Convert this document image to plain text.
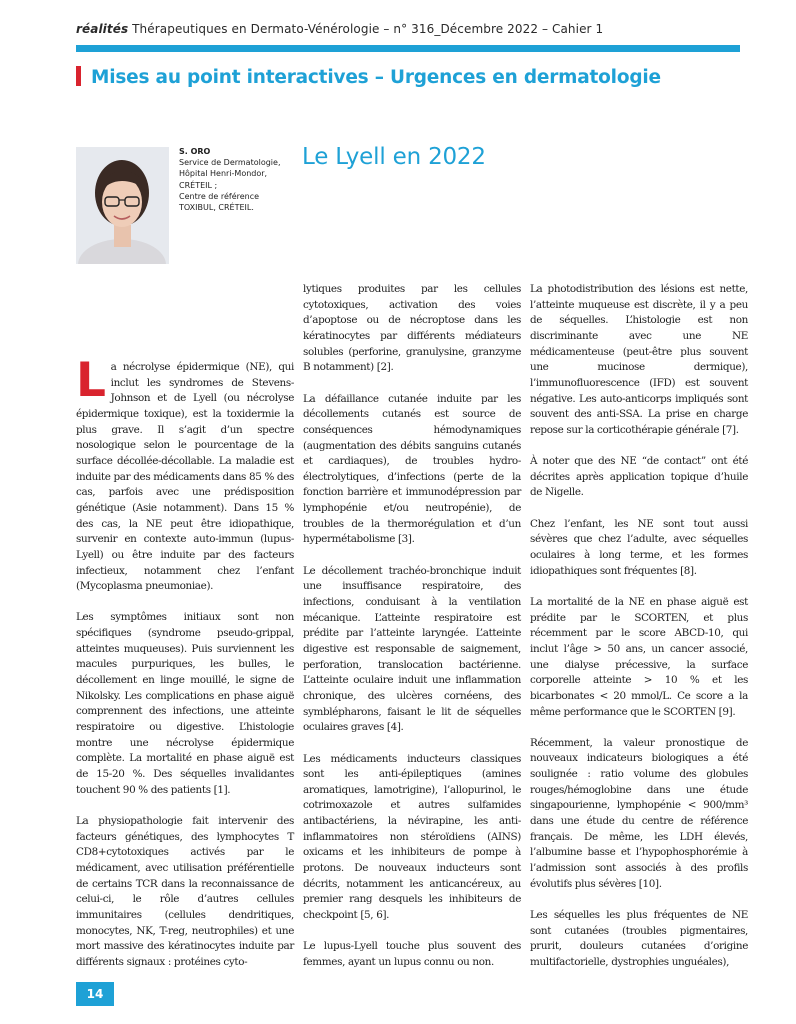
réalités Thérapeutiques en Dermato-Vénérologie – n° 316_Décembre 2022 – Cahier 1
Mises au point interactives – Urgences en dermatologie
S. ORO
Service de Dermatologie,
Hôpital Henri-Mondor,
CRÉTEIL ;
Centre de référence
TOXIBUL, CRÉTEIL.
Le Lyell en 2022

La nécrolyse épidermique (NE), qui inclut les syndromes de Stevens-Johnson et de Lyell (ou nécrolyse épidermique toxique), est la toxidermie la plus grave. Il s’agit d’un spectre nosologique selon le pourcentage de la surface décollée-décollable. La maladie est induite par des médicaments dans 85 % des cas, parfois avec une prédisposition génétique (Asie notamment). Dans 15 % des cas, la NE peut être idiopathique, survenir en contexte auto-immun (lupus-Lyell) ou être induite par des facteurs infectieux, notamment chez l’enfant (Mycoplasma pneumoniae).

Les symptômes initiaux sont non spécifiques (syndrome pseudo-grippal, atteintes muqueuses). Puis surviennent les macules purpuriques, les bulles, le décollement en linge mouillé, le signe de Nikolsky. Les complications en phase aiguë comprennent des infections, une atteinte respiratoire ou digestive. L’histologie montre une nécrolyse épidermique complète. La mortalité en phase aiguë est de 15-20 %. Des séquelles invalidantes touchent 90 % des patients [1].

La physiopathologie fait intervenir des facteurs génétiques, des lymphocytes T CD8+cytotoxiques activés par le médicament, avec utilisation préférentielle de certains TCR dans la reconnaissance de celui-ci, le rôle d’autres cellules immunitaires (cellules dendritiques, monocytes, NK, T-reg, neutrophiles) et une mort massive des kératinocytes induite par différents signaux : protéines cyto-

lytiques produites par les cellules cytotoxiques, activation des voies d’apoptose ou de nécroptose dans les kératinocytes par différents médiateurs solubles (perforine, granulysine, granzyme B notamment) [2].

La défaillance cutanée induite par les décollements cutanés est source de conséquences hémodynamiques (augmentation des débits sanguins cutanés et cardiaques), de troubles hydro-électrolytiques, d’infections (perte de la fonction barrière et immunodépression par lymphopénie et/ou neutropénie), de troubles de la thermorégulation et d’un hypermétabolisme [3].

Le décollement trachéo-bronchique induit une insuffisance respiratoire, des infections, conduisant à la ventilation mécanique. L’atteinte respiratoire est prédite par l’atteinte laryngée. L’atteinte digestive est responsable de saignement, perforation, translocation bactérienne. L’atteinte oculaire induit une inflammation chronique, des ulcères cornéens, des symblépharons, faisant le lit de séquelles oculaires graves [4].

Les médicaments inducteurs classiques sont les anti-épileptiques (amines aromatiques, lamotrigine), l’allopurinol, le cotrimoxazole et autres sulfamides antibactériens, la névirapine, les anti-inflammatoires non stéroïdiens (AINS) oxicams et les inhibiteurs de pompe à protons. De nouveaux inducteurs sont décrits, notamment les anticancéreux, au premier rang desquels les inhibiteurs de checkpoint [5, 6].

Le lupus-Lyell touche plus souvent des femmes, ayant un lupus connu ou non.

La photodistribution des lésions est nette, l’atteinte muqueuse est discrète, il y a peu de séquelles. L’histologie est non discriminante avec une NE médicamenteuse (peut-être plus souvent une mucinose dermique), l’immunofluorescence (IFD) est souvent négative. Les auto-anticorps impliqués sont souvent des anti-SSA. La prise en charge repose sur la corticothérapie générale [7].

À noter que des NE “de contact” ont été décrites après application topique d’huile de Nigelle.

Chez l’enfant, les NE sont tout aussi sévères que chez l’adulte, avec séquelles oculaires à long terme, et les formes idiopathiques sont fréquentes [8].

La mortalité de la NE en phase aiguë est prédite par le SCORTEN, et plus récemment par le score ABCD-10, qui inclut l’âge > 50 ans, un cancer associé, une dialyse précessive, la surface corporelle atteinte > 10 % et les bicarbonates < 20 mmol/L. Ce score a la même performance que le SCORTEN [9].

Récemment, la valeur pronostique de nouveaux indicateurs biologiques a été soulignée : ratio volume des globules rouges/hémoglobine dans une étude singapourienne, lymphopénie < 900/mm³ dans une étude du centre de référence français. De même, les LDH élevés, l’albumine basse et l’hypophosphorémie à l’admission sont associés à des profils évolutifs plus sévères [10].

Les séquelles les plus fréquentes de NE sont cutanées (troubles pigmentaires, prurit, douleurs cutanées d’origine multifactorielle, dystrophies unguéales),

14
